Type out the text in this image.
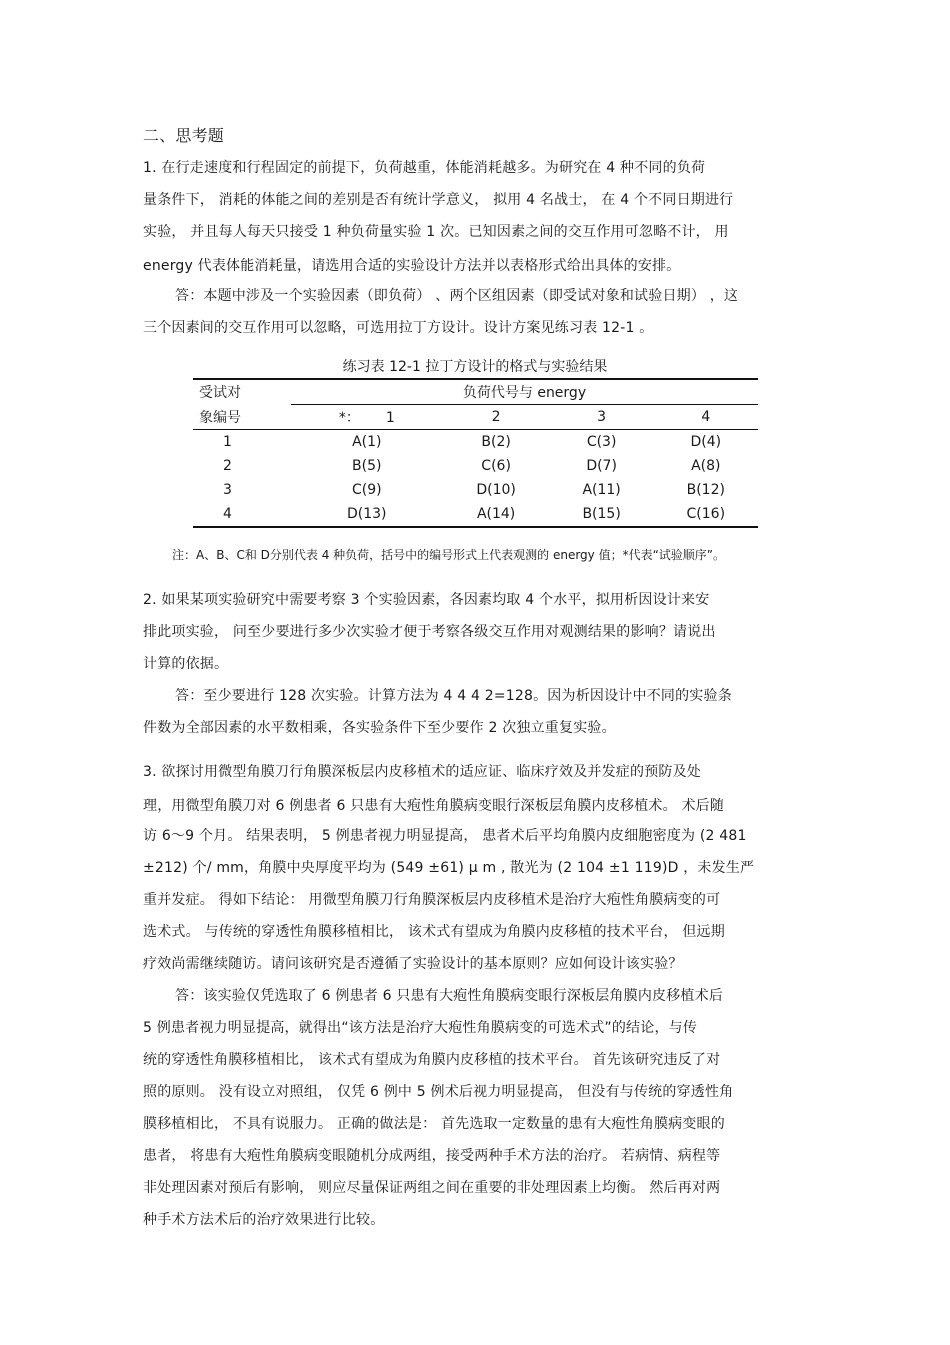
二、思考题
1. 在行走速度和行程固定的前提下，负荷越重，体能消耗越多。为研究在 4 种不同的负荷
量条件下， 消耗的体能之间的差别是否有统计学意义， 拟用 4 名战士， 在 4 个不同日期进行
实验， 并且每人每天只接受 1 种负荷量实验 1 次。已知因素之间的交互作用可忽略不计， 用
energy 代表体能消耗量，请选用合适的实验设计方法并以表格形式给出具体的安排。
答：本题中涉及一个实验因素（即负荷） 、两个区组因素（即受试对象和试验日期） ，这
三个因素间的交互作用可以忽略，可选用拉丁方设计。设计方案见练习表 12-1 。
练习表 12-1 拉丁方设计的格式与实验结果
受试对	负荷代号与 energy			
象编号	*： 1	2	3	4
1	A(1)	B(2)	C(3)	D(4)
2	B(5)	C(6)	D(7)	A(8)
3	C(9)	D(10)	A(11)	B(12)
4	D(13)	A(14)	B(15)	C(16)
注：A、B、C和 D分别代表 4 种负荷，括号中的编号形式上代表观测的 energy 值；*代表“试验顺序”。
2. 如果某项实验研究中需要考察 3 个实验因素，各因素均取 4 个水平，拟用析因设计来安
排此项实验， 问至少要进行多少次实验才便于考察各级交互作用对观测结果的影响？请说出
计算的依据。
答：至少要进行 128 次实验。计算方法为 4 4 4 2=128。因为析因设计中不同的实验条
件数为全部因素的水平数相乘，各实验条件下至少要作 2 次独立重复实验。
3. 欲探讨用微型角膜刀行角膜深板层内皮移植术的适应证、临床疗效及并发症的预防及处
理，用微型角膜刀对 6 例患者 6 只患有大疱性角膜病变眼行深板层角膜内皮移植术。 术后随
访 6～9 个月。 结果表明， 5 例患者视力明显提高， 患者术后平均角膜内皮细胞密度为 (2 481
±212) 个/ mm，角膜中央厚度平均为 (549 ±61) μ m , 散光为 (2 104 ±1 119)D ，未发生严
重并发症。 得如下结论： 用微型角膜刀行角膜深板层内皮移植术是治疗大疱性角膜病变的可
选术式。 与传统的穿透性角膜移植相比， 该术式有望成为角膜内皮移植的技术平台， 但远期
疗效尚需继续随访。请问该研究是否遵循了实验设计的基本原则？应如何设计该实验？
答：该实验仅凭选取了 6 例患者 6 只患有大疱性角膜病变眼行深板层角膜内皮移植术后
5 例患者视力明显提高，就得出“该方法是治疗大疱性角膜病变的可选术式”的结论，与传
统的穿透性角膜移植相比， 该术式有望成为角膜内皮移植的技术平台。 首先该研究违反了对
照的原则。 没有设立对照组， 仅凭 6 例中 5 例术后视力明显提高， 但没有与传统的穿透性角
膜移植相比， 不具有说服力。 正确的做法是： 首先选取一定数量的患有大疱性角膜病变眼的
患者， 将患有大疱性角膜病变眼随机分成两组，接受两种手术方法的治疗。 若病情、病程等
非处理因素对预后有影响， 则应尽量保证两组之间在重要的非处理因素上均衡。 然后再对两
种手术方法术后的治疗效果进行比较。
